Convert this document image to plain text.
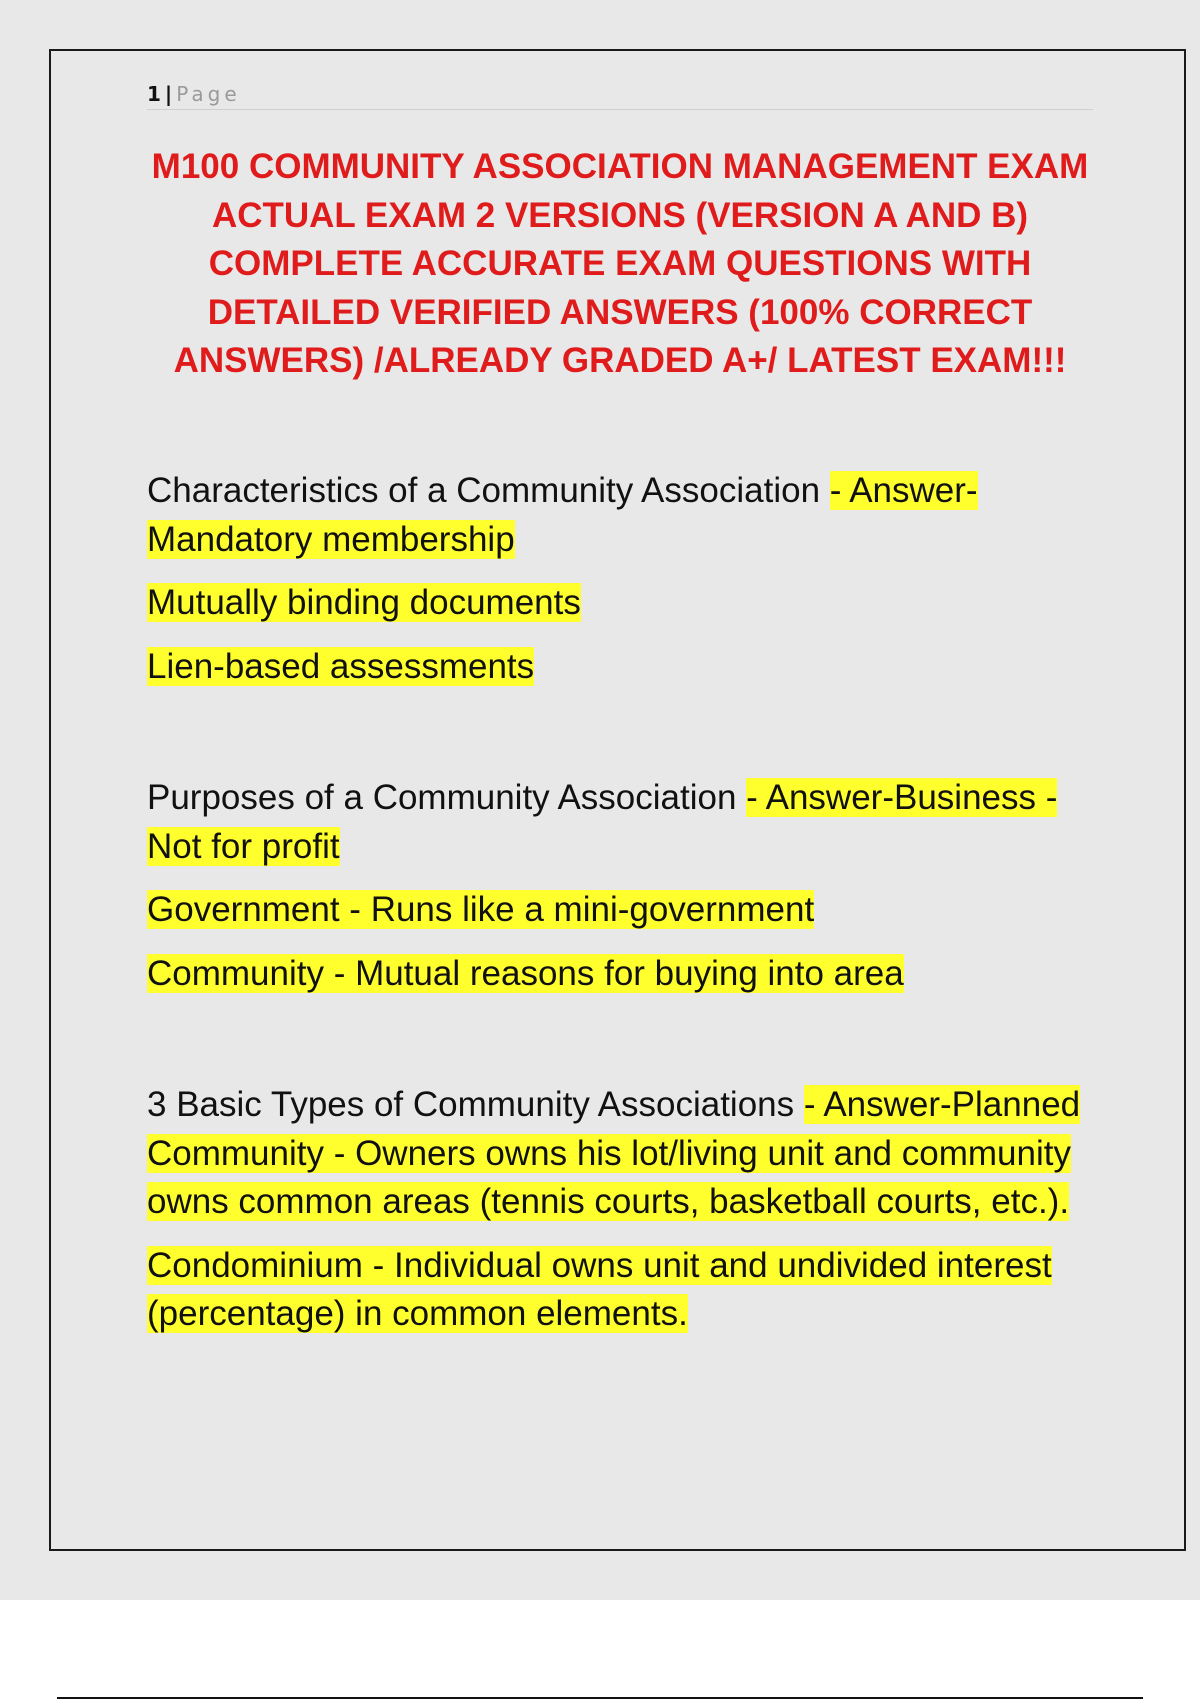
1 | Page
M100 COMMUNITY ASSOCIATION MANAGEMENT EXAM ACTUAL EXAM 2 VERSIONS (VERSION A AND B) COMPLETE ACCURATE EXAM QUESTIONS WITH DETAILED VERIFIED ANSWERS (100% CORRECT ANSWERS) /ALREADY GRADED A+/ LATEST EXAM!!!

Characteristics of a Community Association - Answer-Mandatory membership

Mutually binding documents

Lien-based assessments

Purposes of a Community Association - Answer-Business - Not for profit

Government - Runs like a mini-government

Community - Mutual reasons for buying into area

3 Basic Types of Community Associations - Answer-Planned Community - Owners owns his lot/living unit and community owns common areas (tennis courts, basketball courts, etc.).

Condominium - Individual owns unit and undivided interest (percentage) in common elements.
